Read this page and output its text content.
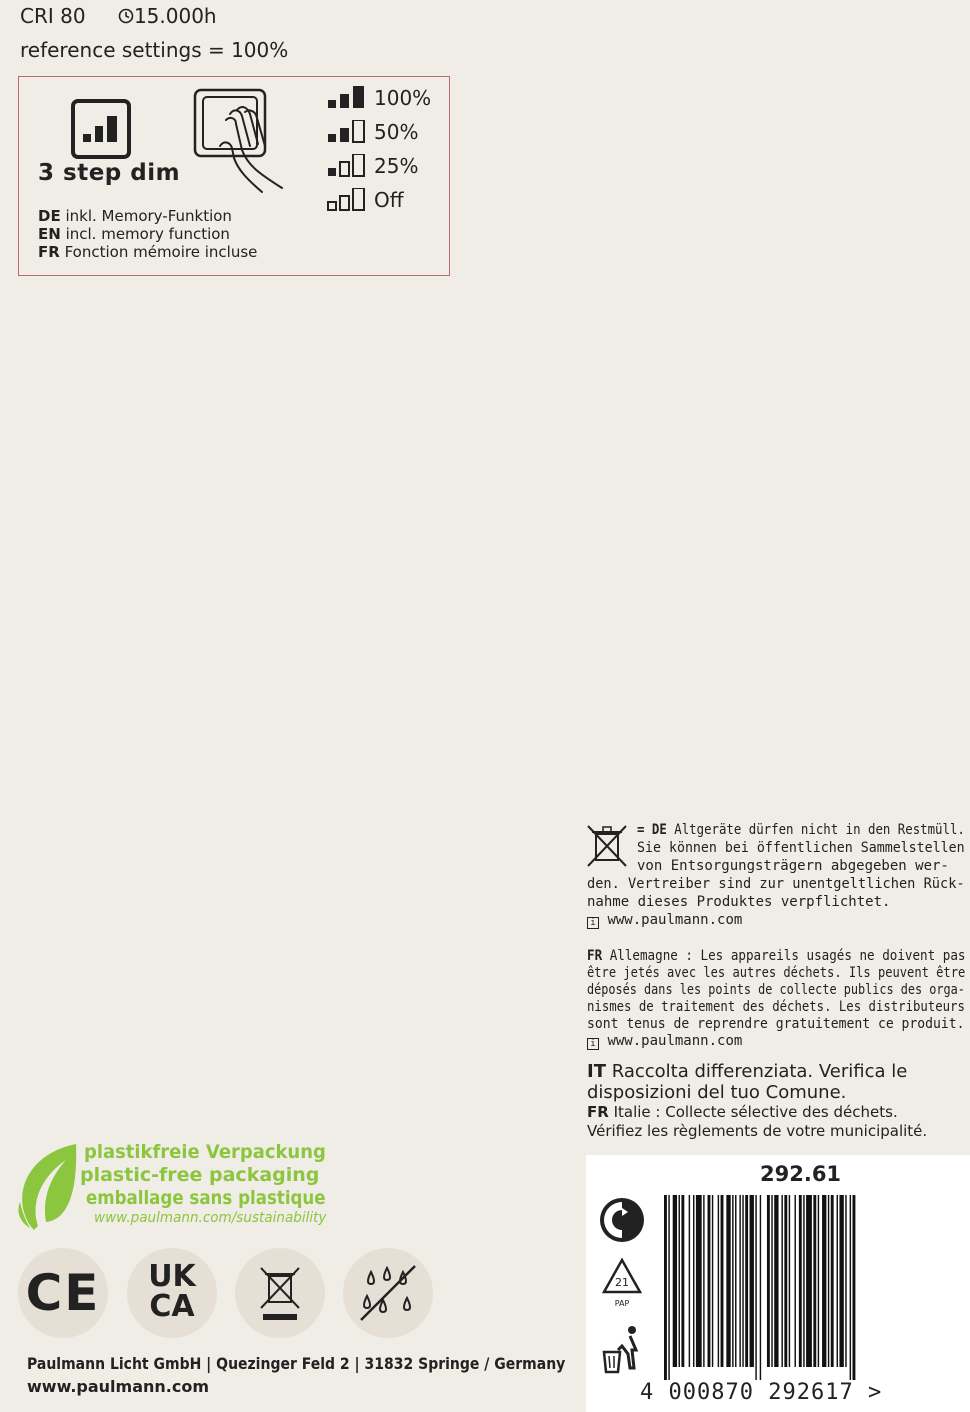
CRI 80 15.000h
reference settings = 100%
3 step dim
DE inkl. Memory-Funktion
EN incl. memory function
FR Fonction mémoire incluse
100%
50%
25%
Off
= DE Altgeräte dürfen nicht in den Restmüll.
Sie können bei öffentlichen Sammelstellen
von Entsorgungsträgern abgegeben wer-
den. Vertreiber sind zur unentgeltlichen Rück-
nahme dieses Produktes verpflichtet.
i www.paulmann.com
FR Allemagne : Les appareils usagés ne doivent pas
être jetés avec les autres déchets. Ils peuvent être
déposés dans les points de collecte publics des orga-
nismes de traitement des déchets. Les distributeurs
sont tenus de reprendre gratuitement ce produit.
i www.paulmann.com
IT Raccolta differenziata. Verifica le
disposizioni del tuo Comune.
FR Italie : Collecte sélective des déchets.
Vérifiez les règlements de votre municipalité.
plastikfreie Verpackung
plastic-free packaging
emballage sans plastique
www.paulmann.com/sustainability
CE	UK
CA
292.61
21
PAP
4 000870 292617 >
Paulmann Licht GmbH | Quezinger Feld 2 | 31832 Springe / Germany
www.paulmann.com
